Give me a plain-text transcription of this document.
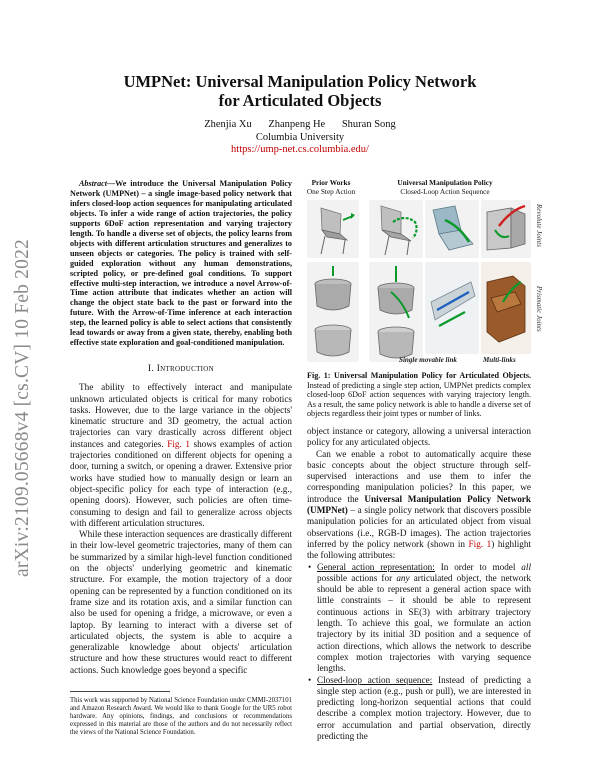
arXiv:2109.05668v4 [cs.CV] 10 Feb 2022
UMPNet: Universal Manipulation Policy Network
for Articulated Objects
Zhenjia Xu Zhanpeng He Shuran Song
Columbia University
https://ump-net.cs.columbia.edu/

Abstract—We introduce the Universal Manipulation Policy Network (UMPNet) – a single image-based policy network that infers closed-loop action sequences for manipulating articulated objects. To infer a wide range of action trajectories, the policy supports 6DoF action representation and varying trajectory length. To handle a diverse set of objects, the policy learns from objects with different articulation structures and generalizes to unseen objects or categories. The policy is trained with self-guided exploration without any human demonstrations, scripted policy, or pre-defined goal conditions. To support effective multi-step interaction, we introduce a novel Arrow-of-Time action attribute that indicates whether an action will change the object state back to the past or forward into the future. With the Arrow-of-Time inference at each interaction step, the learned policy is able to select actions that consistently lead towards or away from a given state, thereby, enabling both effective state exploration and goal-conditioned manipulation.

I. Introduction

The ability to effectively interact and manipulate unknown articulated objects is critical for many robotics tasks. However, due to the large variance in the objects' kinematic structure and 3D geometry, the actual action trajectories can vary drastically across different object instances and categories. Fig. 1 shows examples of action trajectories conditioned on different objects for opening a door, turning a switch, or opening a drawer. Extensive prior works have studied how to manually design or learn an object-specific policy for each type of interaction (e.g., opening doors). However, such policies are often time-consuming to design and fail to generalize across objects with different articulation structures.

While these interaction sequences are drastically different in their low-level geometric trajectories, many of them can be summarized by a similar high-level function conditioned on the objects' underlying geometric and kinematic structure. For example, the motion trajectory of a door opening can be represented by a function conditioned on its frame size and its rotation axis, and a similar function can also be used for opening a fridge, a microwave, or even a laptop. By learning to interact with a diverse set of articulated objects, the system is able to acquire a generalizable knowledge about objects' articulation structure and how these structures would react to different actions. Such knowledge goes beyond a specific

This work was supported by National Science Foundation under CMMI-2037101 and Amazon Research Award. We would like to thank Google for the UR5 robot hardware. Any opinions, findings, and conclusions or recommendations expressed in this material are those of the authors and do not necessarily reflect the views of the National Science Foundation.
Prior Works
One Step Action
Universal Manipulation Policy
Closed-Loop Action Sequence
Revolute Joints
Prismatic Joints
Single movable link	Multi-links
Fig. 1: Universal Manipulation Policy for Articulated Objects. Instead of predicting a single step action, UMPNet predicts complex closed-loop 6DoF action sequences with varying trajectory length. As a result, the same policy network is able to handle a diverse set of objects regardless their joint types or number of links.

object instance or category, allowing a universal interaction policy for any articulated objects.

Can we enable a robot to automatically acquire these basic concepts about the object structure through self-supervised interactions and use them to infer the corresponding manipulation policies? In this paper, we introduce the Universal Manipulation Policy Network (UMPNet) – a single policy network that discovers possible manipulation policies for an articulated object from visual observations (i.e., RGB-D images). The action trajectories inferred by the policy network (shown in Fig. 1) highlight the following attributes:

• General action representation: In order to model all possible actions for any articulated object, the network should be able to represent a general action space with little constraints – it should be able to represent continuous actions in SE(3) with arbitrary trajectory length. To achieve this goal, we formulate an action trajectory by its initial 3D position and a sequence of action directions, which allows the network to describe complex motion trajectories with varying sequence lengths.
• Closed-loop action sequence: Instead of predicting a single step action (e.g., push or pull), we are interested in predicting long-horizon sequential actions that could describe a complex motion trajectory. However, due to error accumulation and partial observation, directly predicting the
